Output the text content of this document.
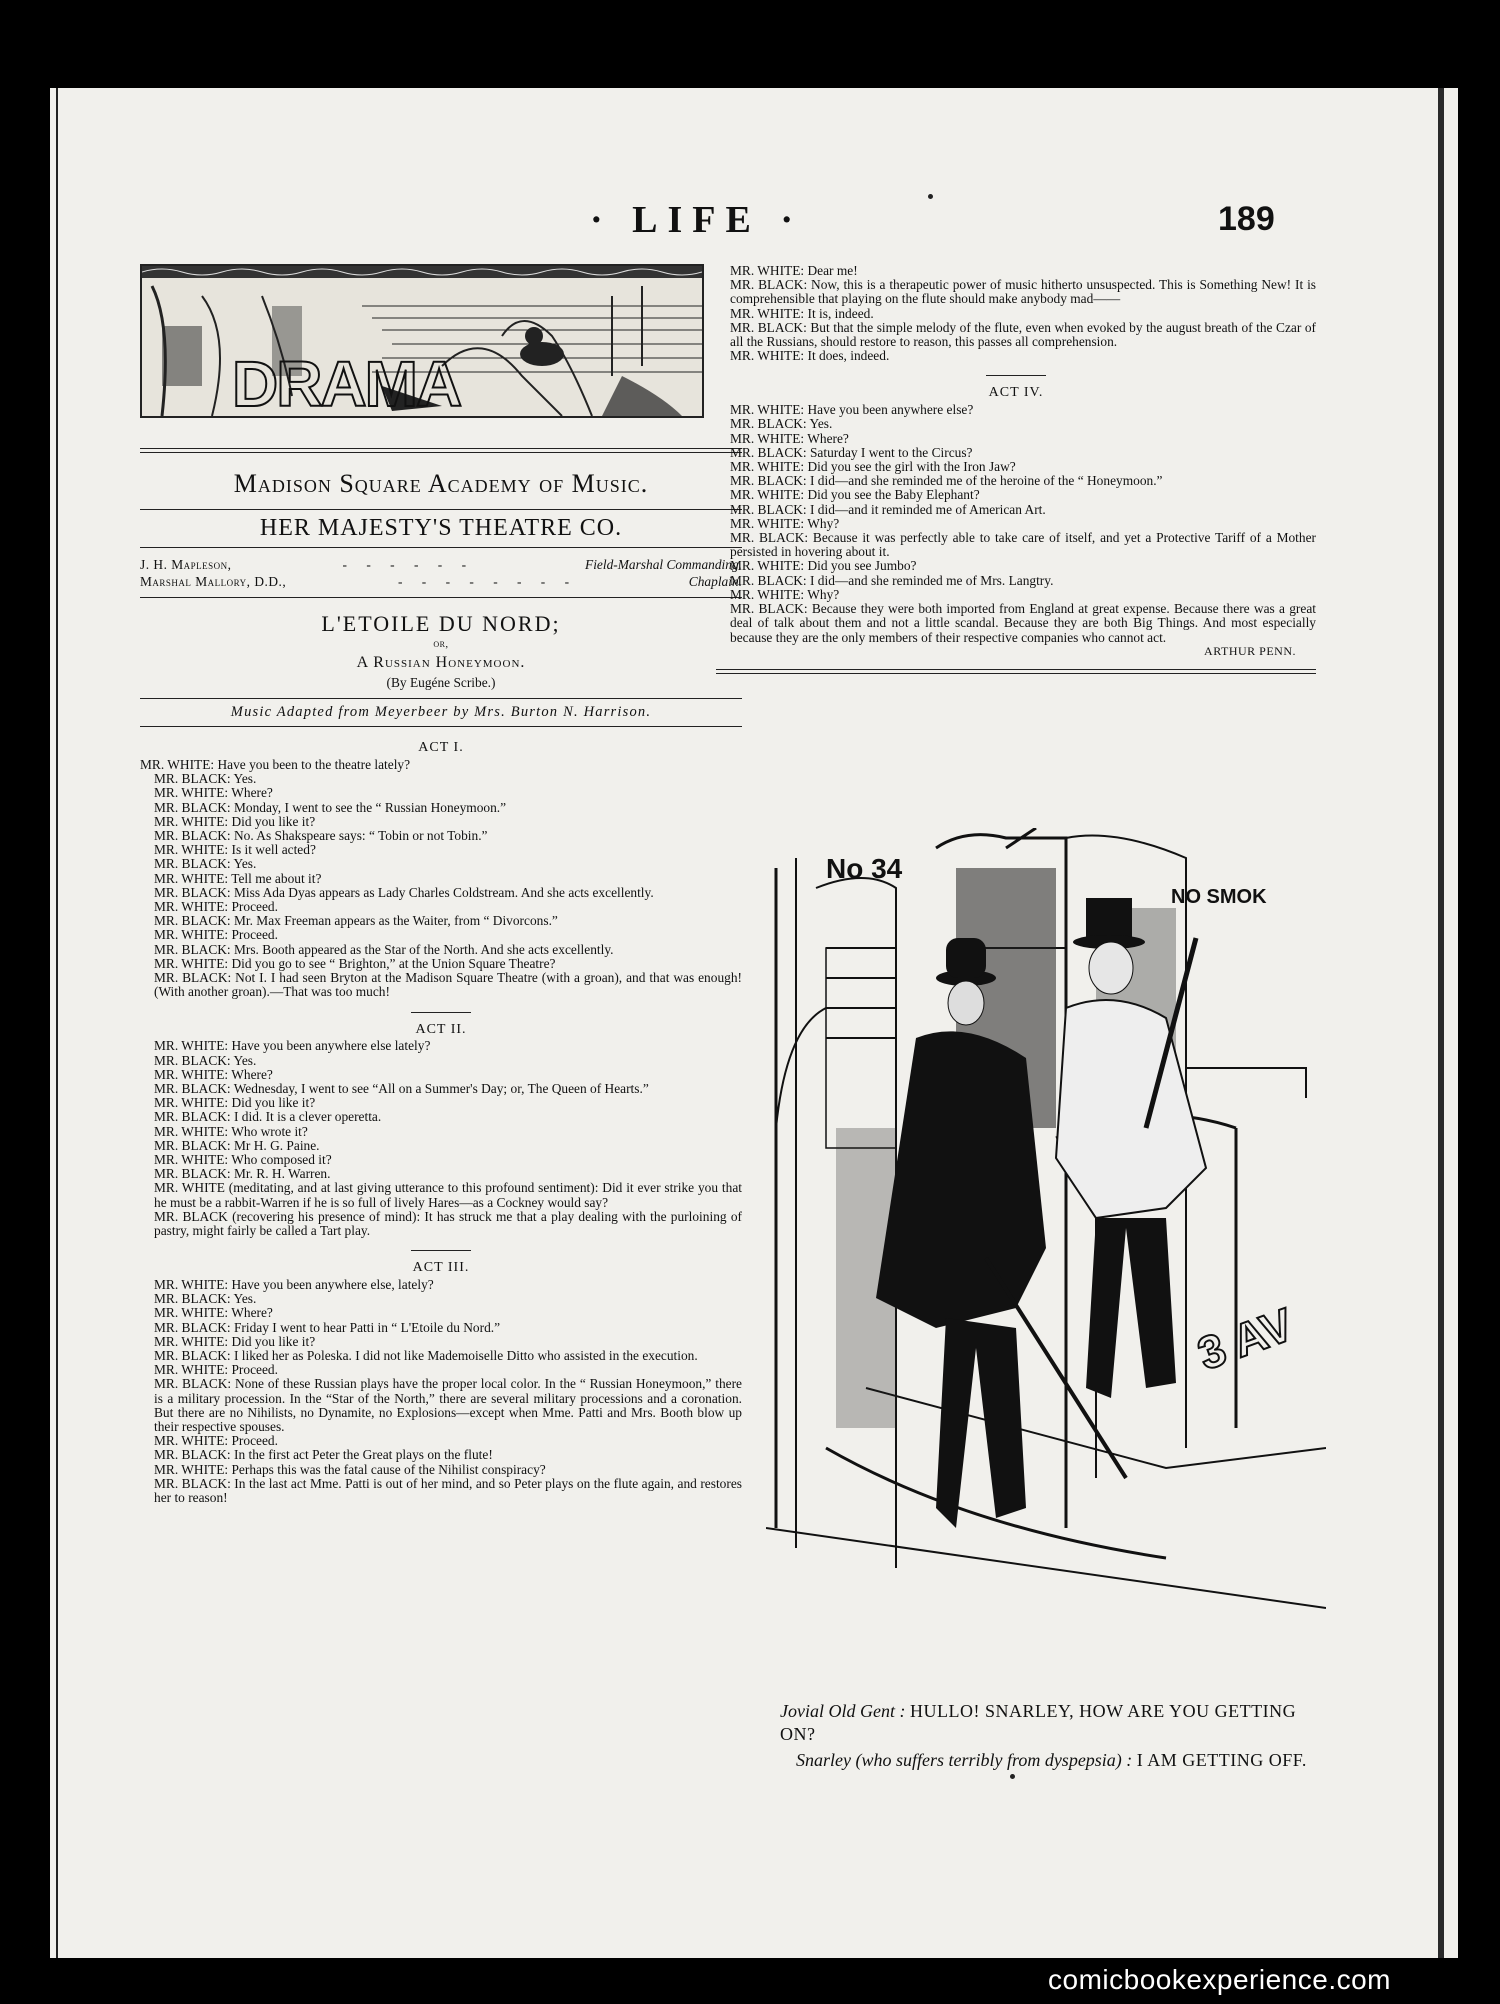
· LIFE ·	189
DRAMA
Madison Square Academy of Music.
HER MAJESTY'S THEATRE CO.
J. H. Mapleson,	- - - - - -	Field-Marshal Commanding.
Marshal Mallory, D.D.,	- - - - - - - -	Chaplain.
L'ETOILE DU NORD;
or,
A Russian Honeymoon.
(By Eugéne Scribe.)
Music Adapted from Meyerbeer by Mrs. Burton N. Harrison.
ACT I.
MR. WHITE: Have you been to the theatre lately?
MR. BLACK: Yes.
MR. WHITE: Where?
MR. BLACK: Monday, I went to see the “ Russian Honeymoon.”
MR. WHITE: Did you like it?
MR. BLACK: No. As Shakspeare says: “ Tobin or not Tobin.”
MR. WHITE: Is it well acted?
MR. BLACK: Yes.
MR. WHITE: Tell me about it?
MR. BLACK: Miss Ada Dyas appears as Lady Charles Coldstream. And she acts excellently.
MR. WHITE: Proceed.
MR. BLACK: Mr. Max Freeman appears as the Waiter, from “ Divorcons.”
MR. WHITE: Proceed.
MR. BLACK: Mrs. Booth appeared as the Star of the North. And she acts excellently.
MR. WHITE: Did you go to see “ Brighton,” at the Union Square Theatre?
MR. BLACK: Not I. I had seen Bryton at the Madison Square Theatre (with a groan), and that was enough! (With another groan).—That was too much!
ACT II.
MR. WHITE: Have you been anywhere else lately?
MR. BLACK: Yes.
MR. WHITE: Where?
MR. BLACK: Wednesday, I went to see “All on a Summer's Day; or, The Queen of Hearts.”
MR. WHITE: Did you like it?
MR. BLACK: I did. It is a clever operetta.
MR. WHITE: Who wrote it?
MR. BLACK: Mr H. G. Paine.
MR. WHITE: Who composed it?
MR. BLACK: Mr. R. H. Warren.
MR. WHITE (meditating, and at last giving utterance to this profound sentiment): Did it ever strike you that he must be a rabbit-Warren if he is so full of lively Hares—as a Cockney would say?
MR. BLACK (recovering his presence of mind): It has struck me that a play dealing with the purloining of pastry, might fairly be called a Tart play.
ACT III.
MR. WHITE: Have you been anywhere else, lately?
MR. BLACK: Yes.
MR. WHITE: Where?
MR. BLACK: Friday I went to hear Patti in “ L'Etoile du Nord.”
MR. WHITE: Did you like it?
MR. BLACK: I liked her as Poleska. I did not like Mademoiselle Ditto who assisted in the execution.
MR. WHITE: Proceed.
MR. BLACK: None of these Russian plays have the proper local color. In the “ Russian Honeymoon,” there is a military procession. In the “Star of the North,” there are several military processions and a coronation. But there are no Nihilists, no Dynamite, no Explosions—except when Mme. Patti and Mrs. Booth blow up their respective spouses.
MR. WHITE: Proceed.
MR. BLACK: In the first act Peter the Great plays on the flute!
MR. WHITE: Perhaps this was the fatal cause of the Nihilist conspiracy?
MR. BLACK: In the last act Mme. Patti is out of her mind, and so Peter plays on the flute again, and restores her to reason!
MR. WHITE: Dear me!
MR. BLACK: Now, this is a therapeutic power of music hitherto unsuspected. This is Something New! It is comprehensible that playing on the flute should make anybody mad——
MR. WHITE: It is, indeed.
MR. BLACK: But that the simple melody of the flute, even when evoked by the august breath of the Czar of all the Russians, should restore to reason, this passes all comprehension.
MR. WHITE: It does, indeed.
ACT IV.
MR. WHITE: Have you been anywhere else?
MR. BLACK: Yes.
MR. WHITE: Where?
MR. BLACK: Saturday I went to the Circus?
MR. WHITE: Did you see the girl with the Iron Jaw?
MR. BLACK: I did—and she reminded me of the heroine of the “ Honeymoon.”
MR. WHITE: Did you see the Baby Elephant?
MR. BLACK: I did—and it reminded me of American Art.
MR. WHITE: Why?
MR. BLACK: Because it was perfectly able to take care of itself, and yet a Protective Tariff of a Mother persisted in hovering about it.
MR. WHITE: Did you see Jumbo?
MR. BLACK: I did—and she reminded me of Mrs. Langtry.
MR. WHITE: Why?
MR. BLACK: Because they were both imported from England at great expense. Because there was a great deal of talk about them and not a little scandal. Because they are both Big Things. And most especially because they are the only members of their respective companies who cannot act.
ARTHUR PENN.
No 34
NO SMOK
3 AV
Jovial Old Gent : HULLO! SNARLEY, HOW ARE YOU GETTING ON?
Snarley (who suffers terribly from dyspepsia) : I AM GETTING OFF.
comicbookexperience.com
